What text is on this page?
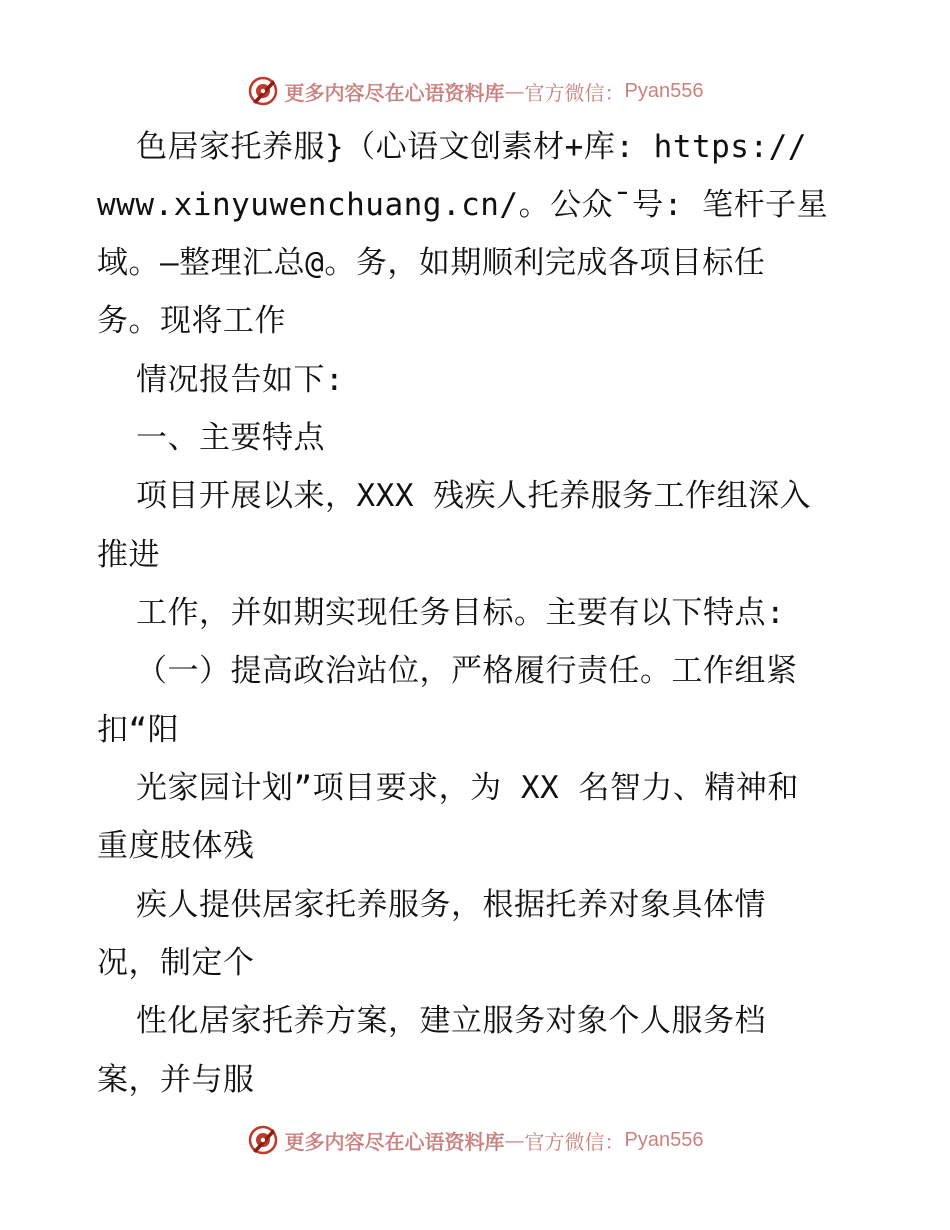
更多内容尽在心语资料库 — 官方微信： Pyan556
色居家托养服}（心语文创素材+库: https://
www.xinyuwenchuang.cn/。公众¯号: 笔杆子星
域。—整理汇总@。务，如期顺利完成各项目标任
务。现将工作
情况报告如下:
一、主要特点
项目开展以来，XXX 残疾人托养服务工作组深入
推进
工作，并如期实现任务目标。主要有以下特点:
（一）提高政治站位，严格履行责任。工作组紧
扣“阳
光家园计划”项目要求，为 XX 名智力、精神和
重度肢体残
疾人提供居家托养服务，根据托养对象具体情
况，制定个
性化居家托养方案，建立服务对象个人服务档
案，并与服
更多内容尽在心语资料库 — 官方微信： Pyan556
